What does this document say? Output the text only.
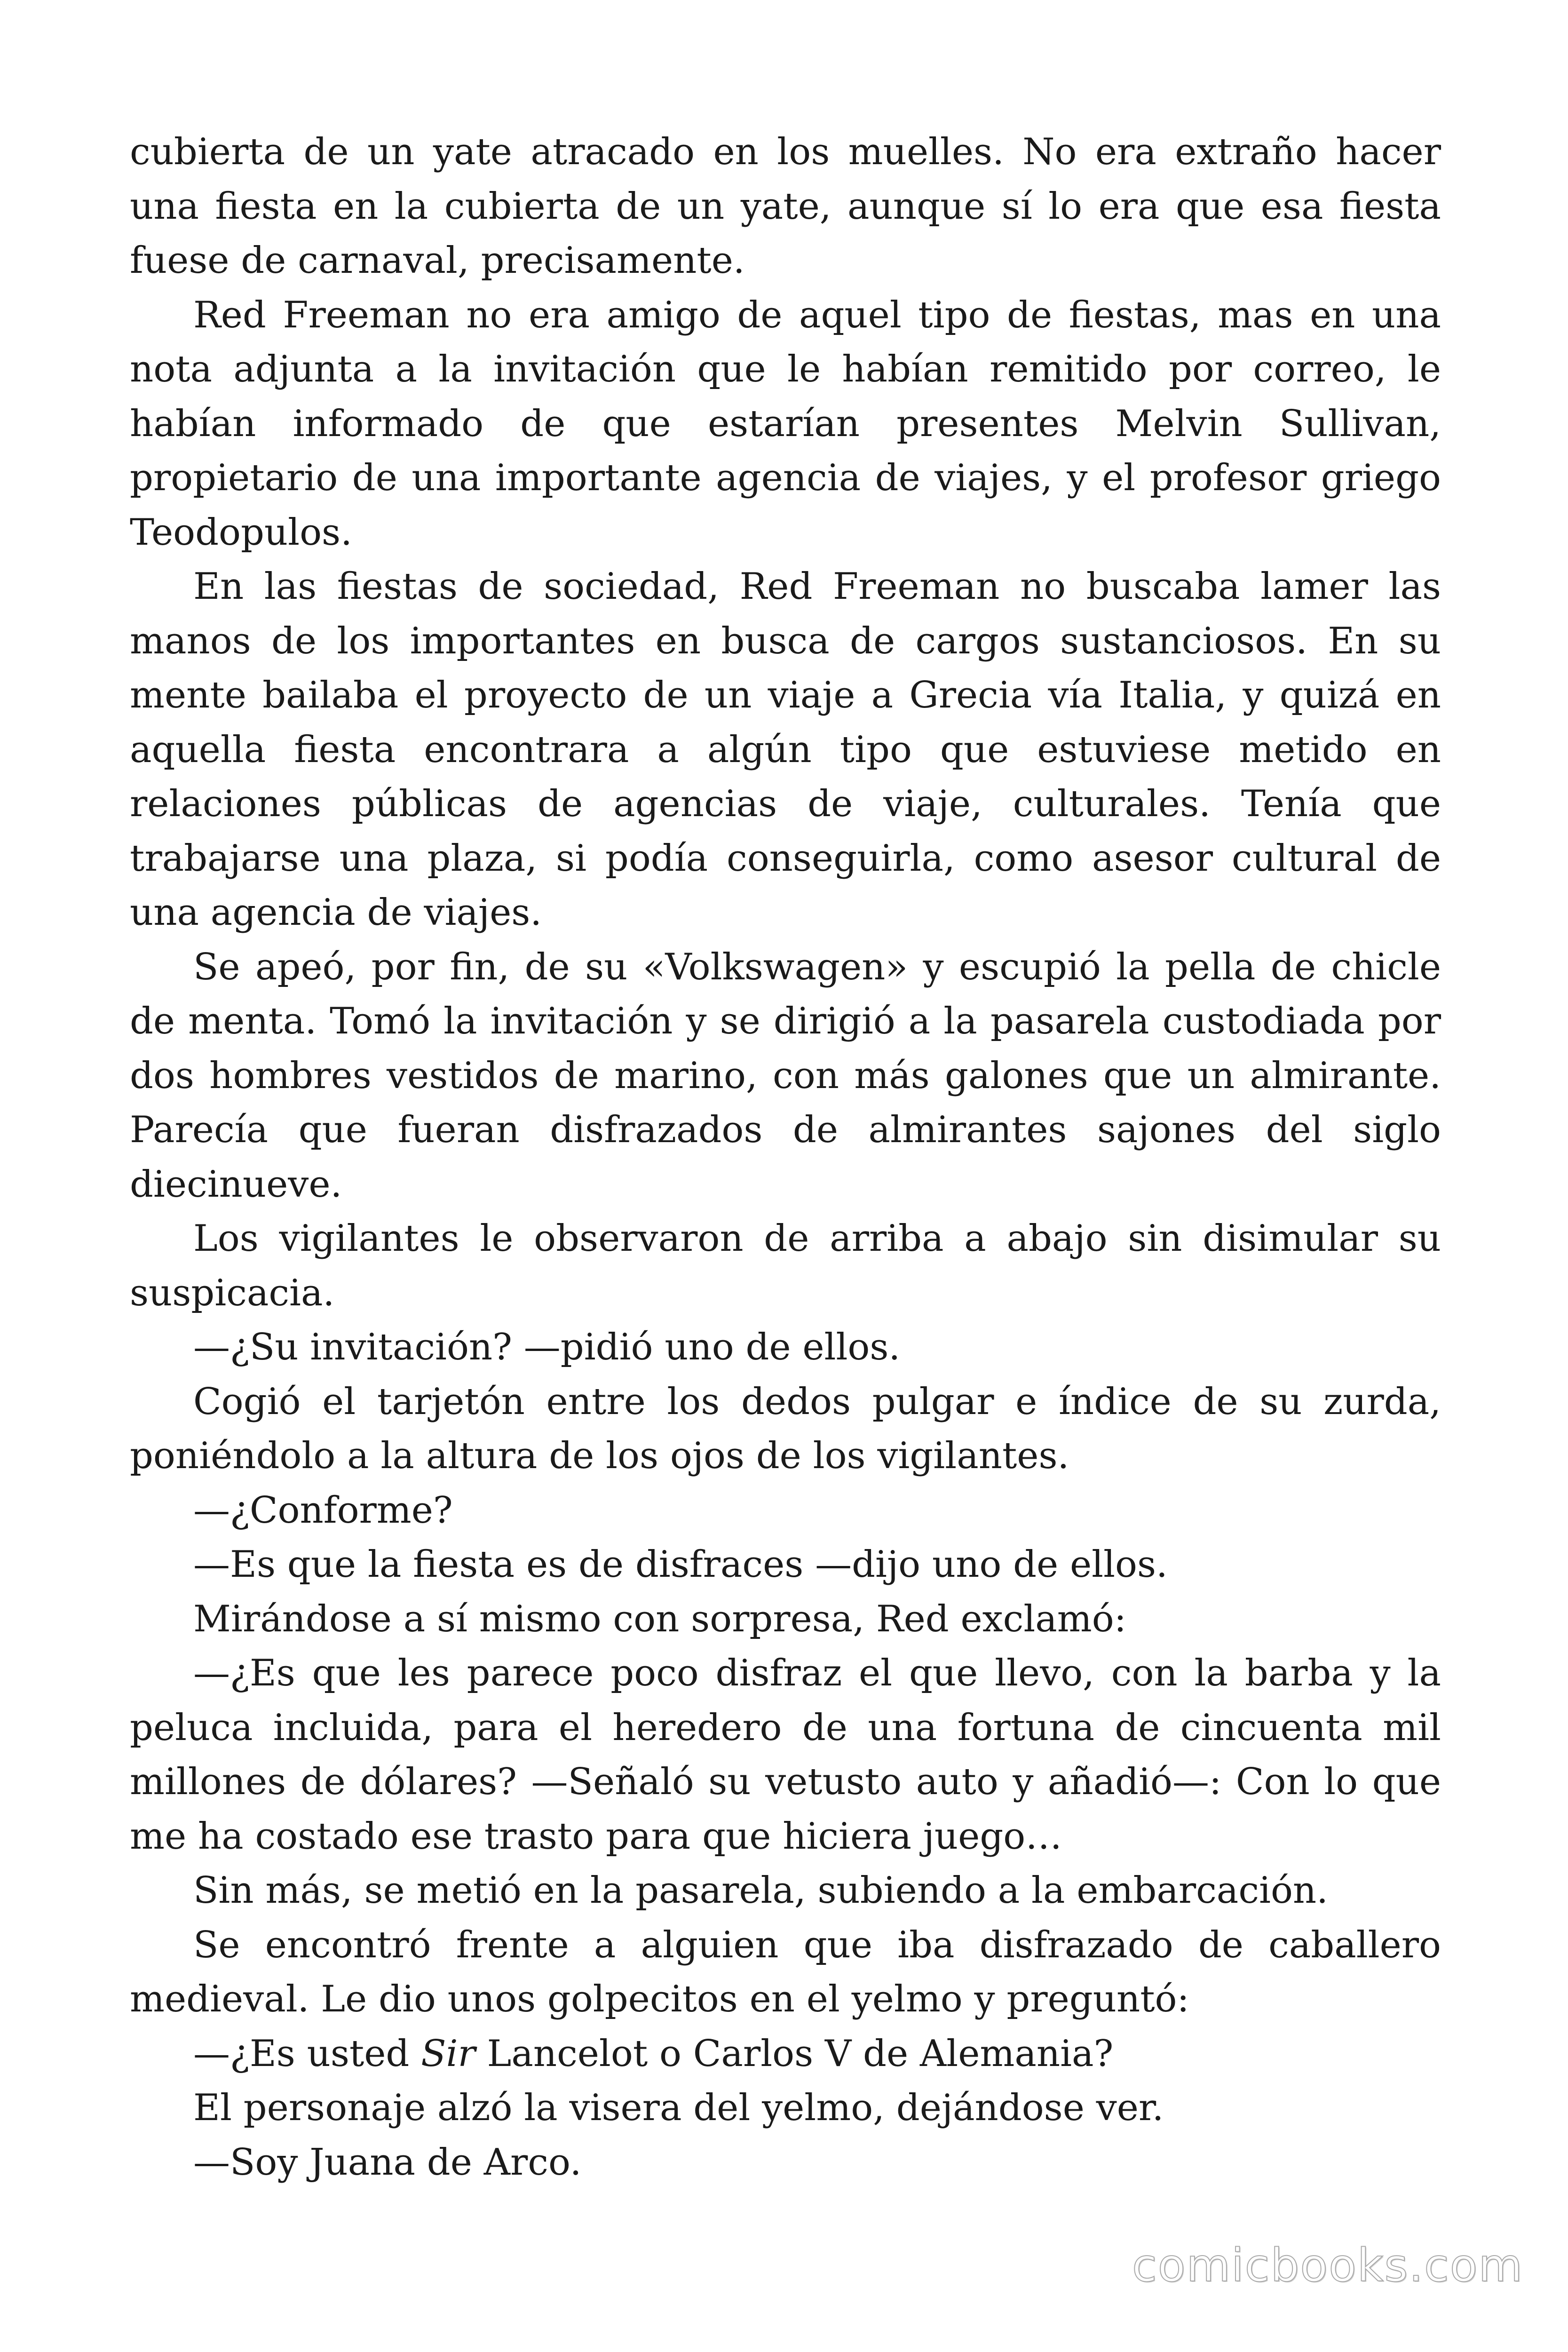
cubierta de un yate atracado en los muelles. No era extraño hacer una fiesta en la cubierta de un yate, aunque sí lo era que esa fiesta fuese de carnaval, precisamente.

Red Freeman no era amigo de aquel tipo de fiestas, mas en una nota adjunta a la invitación que le habían remitido por correo, le habían informado de que estarían presentes Melvin Sullivan, propietario de una importante agencia de viajes, y el profesor griego Teodopulos.

En las fiestas de sociedad, Red Freeman no buscaba lamer las manos de los importantes en busca de cargos sustanciosos. En su mente bailaba el proyecto de un viaje a Grecia vía Italia, y quizá en aquella fiesta encontrara a algún tipo que estuviese metido en relaciones públicas de agencias de viaje, culturales. Tenía que trabajarse una plaza, si podía conseguirla, como asesor cultural de una agencia de viajes.

Se apeó, por fin, de su «Volkswagen» y escupió la pella de chicle de menta. Tomó la invitación y se dirigió a la pasarela custodiada por dos hombres vestidos de marino, con más galones que un almirante. Parecía que fueran disfrazados de almirantes sajones del siglo diecinueve.

Los vigilantes le observaron de arriba a abajo sin disimular su suspicacia.

—¿Su invitación? —pidió uno de ellos.

Cogió el tarjetón entre los dedos pulgar e índice de su zurda, poniéndolo a la altura de los ojos de los vigilantes.

—¿Conforme?

—Es que la fiesta es de disfraces —dijo uno de ellos.

Mirándose a sí mismo con sorpresa, Red exclamó:

—¿Es que les parece poco disfraz el que llevo, con la barba y la peluca incluida, para el heredero de una fortuna de cincuenta mil millones de dólares? —Señaló su vetusto auto y añadió—: Con lo que me ha costado ese trasto para que hiciera juego…

Sin más, se metió en la pasarela, subiendo a la embarcación.

Se encontró frente a alguien que iba disfrazado de caballero medieval. Le dio unos golpecitos en el yelmo y preguntó:

—¿Es usted Sir Lancelot o Carlos V de Alemania?

El personaje alzó la visera del yelmo, dejándose ver.

—Soy Juana de Arco.

comicbooks.com
